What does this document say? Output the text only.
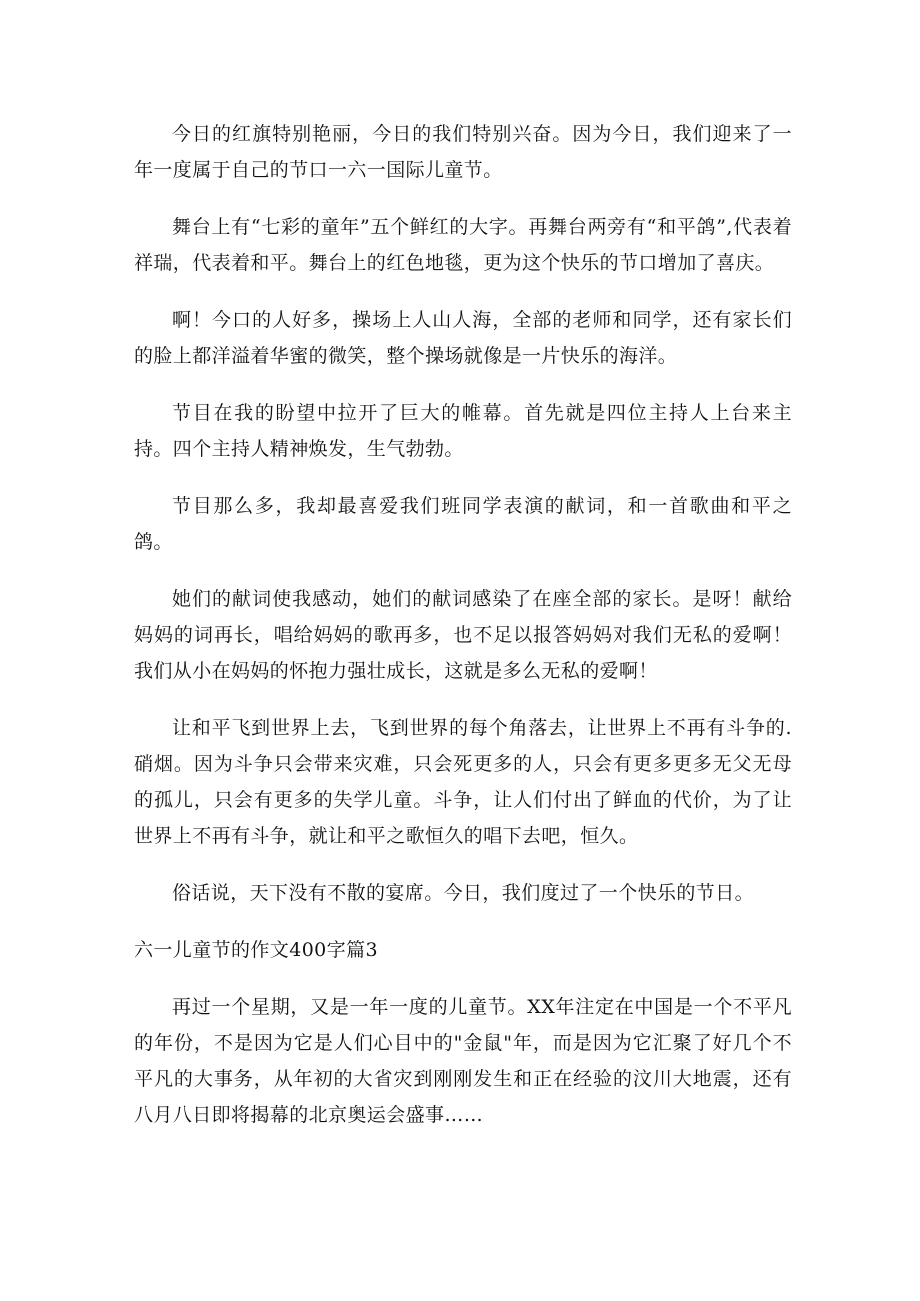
今日的红旗特别艳丽，今日的我们特别兴奋。因为今日，我们迎来了一年一度属于自己的节口一六一国际儿童节。

舞台上有“七彩的童年”五个鲜红的大字。再舞台两旁有“和平鸽”,代表着祥瑞，代表着和平。舞台上的红色地毯，更为这个快乐的节口增加了喜庆。

啊！今口的人好多，操场上人山人海，全部的老师和同学，还有家长们的脸上都洋溢着华蜜的微笑，整个操场就像是一片快乐的海洋。

节目在我的盼望中拉开了巨大的帷幕。首先就是四位主持人上台来主持。四个主持人精神焕发，生气勃勃。

节目那么多，我却最喜爱我们班同学表演的献词，和一首歌曲和平之鸽。

她们的献词使我感动，她们的献词感染了在座全部的家长。是呀！献给妈妈的词再长，唱给妈妈的歌再多，也不足以报答妈妈对我们无私的爱啊！我们从小在妈妈的怀抱力强壮成长，这就是多么无私的爱啊！

让和平飞到世界上去，飞到世界的每个角落去，让世界上不再有斗争的.硝烟。因为斗争只会带来灾难，只会死更多的人，只会有更多更多无父无母的孤儿，只会有更多的失学儿童。斗争，让人们付出了鲜血的代价，为了让世界上不再有斗争，就让和平之歌恒久的唱下去吧，恒久。

俗话说，天下没有不散的宴席。今日，我们度过了一个快乐的节日。

六一儿童节的作文400字篇3

再过一个星期，又是一年一度的儿童节。XX年注定在中国是一个不平凡的年份，不是因为它是人们心目中的"金鼠"年，而是因为它汇聚了好几个不平凡的大事务，从年初的大省灾到刚刚发生和正在经验的汶川大地震，还有八月八日即将揭幕的北京奥运会盛事……
